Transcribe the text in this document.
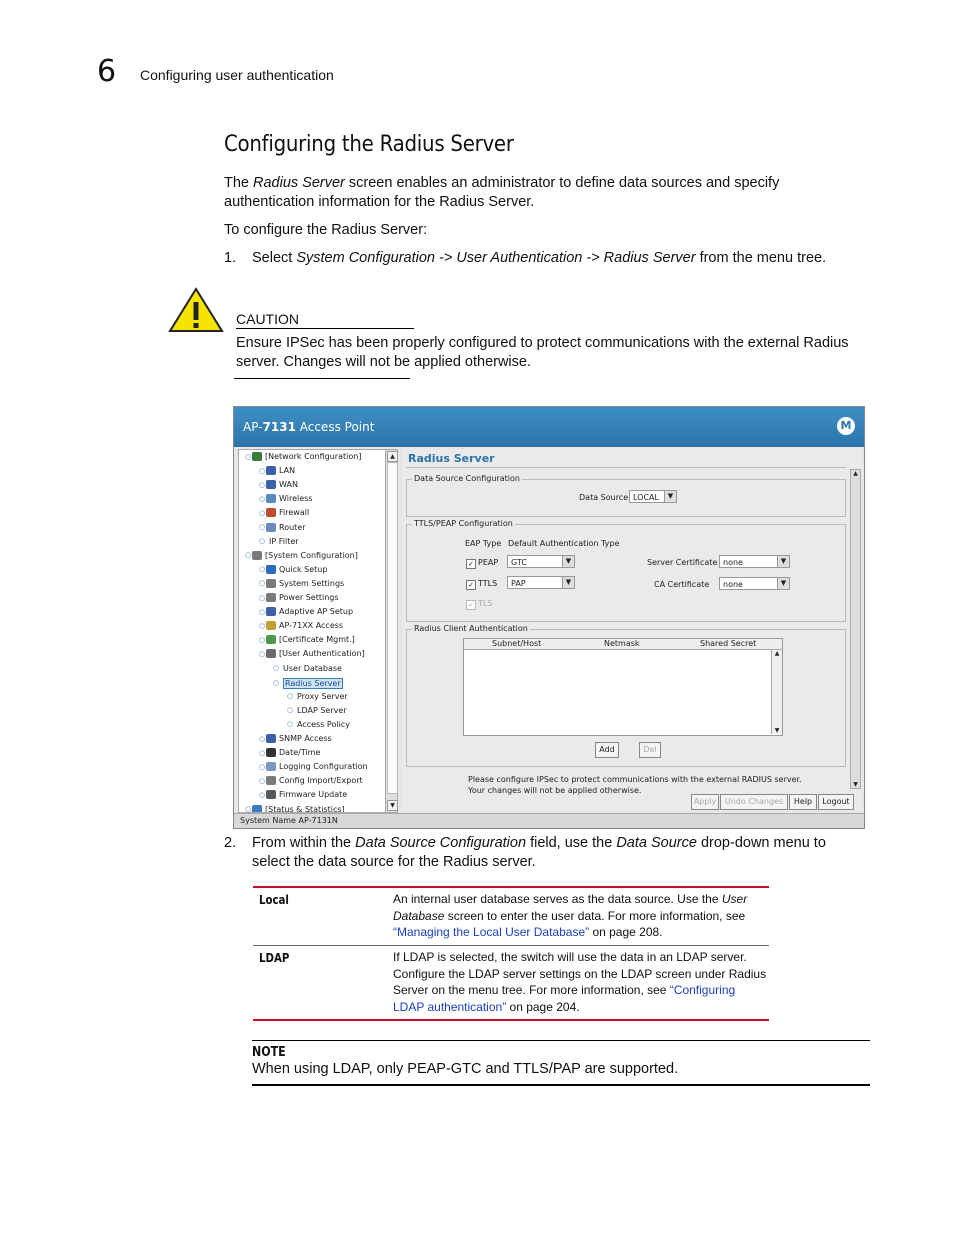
6 Configuring user authentication
Configuring the Radius Server
The Radius Server screen enables an administrator to define data sources and specify authentication information for the Radius Server.
To configure the Radius Server:
1. Select System Configuration -> User Authentication -> Radius Server from the menu tree.
CAUTION
Ensure IPSec has been properly configured to protect communications with the external Radius server. Changes will not be applied otherwise.
AP-7131 Access Point	M
○ [Network Configuration]
○ LAN
○ WAN
○ Wireless
○ Firewall
○ Router
○ IP Filter
○ [System Configuration]
○ Quick Setup
○ System Settings
○ Power Settings
○ Adaptive AP Setup
○ AP-71XX Access
○ [Certificate Mgmt.]
○ [User Authentication]
○ User Database
○ Radius Server
○ Proxy Server
○ LDAP Server
○ Access Policy
○ SNMP Access
○ Date/Time
○ Logging Configuration
○ Config Import/Export
○ Firmware Update
○ [Status & Statistics]
▲
▼
Radius Server
Data Source Configuration
Data Source LOCAL	▼
TTLS/PEAP Configuration
EAP Type Default Authentication Type
✓ PEAP	GTC	▼
✓ TTLS	PAP	▼
✓ TLS
Server Certificate none	▼
CA Certificate	none	▼
Radius Client Authentication
Subnet/Host	Netmask	Shared Secret
▲
▼
Add	Del
Please configure IPSec to protect communications with the external RADIUS server.
Your changes will not be applied otherwise.
▲
▼
Apply	Undo Changes	Help	Logout
System Name AP-7131N
2. From within the Data Source Configuration field, use the Data Source drop-down menu to select the data source for the Radius server.
Local	An internal user database serves as the data source. Use the User Database screen to enter the user data. For more information, see “Managing the Local User Database” on page 208.
LDAP	If LDAP is selected, the switch will use the data in an LDAP server. Configure the LDAP server settings on the LDAP screen under Radius Server on the menu tree. For more information, see “Configuring LDAP authentication” on page 204.
NOTE
When using LDAP, only PEAP-GTC and TTLS/PAP are supported.
